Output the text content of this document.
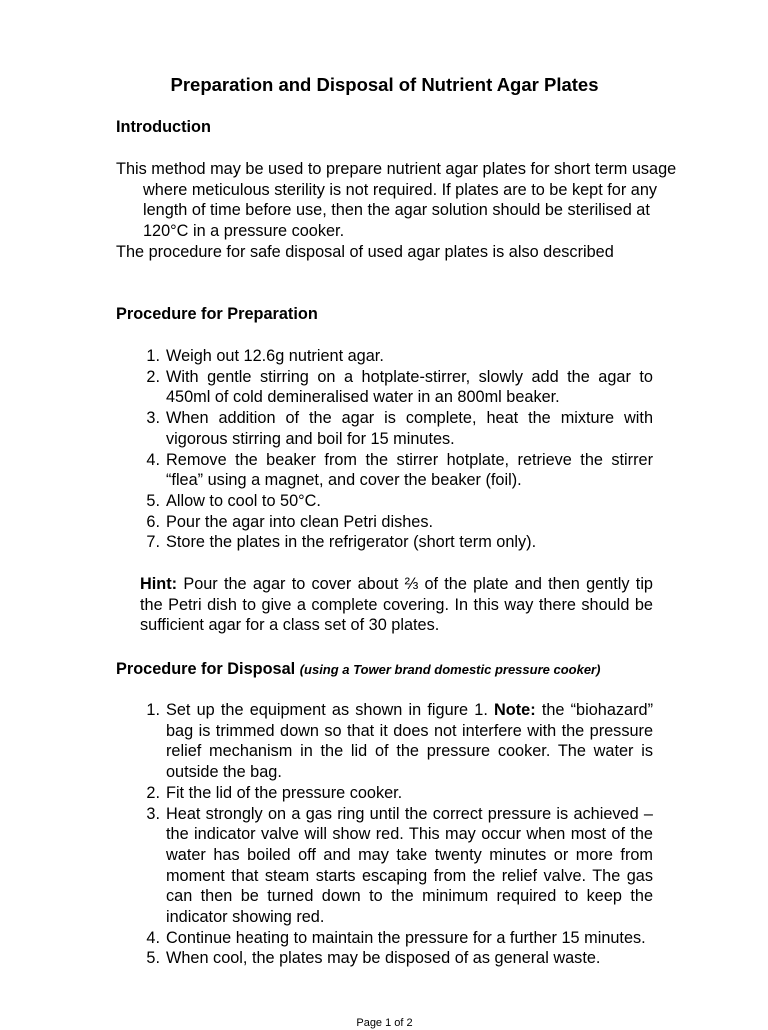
Preparation and Disposal of Nutrient Agar Plates
Introduction
This method may be used to prepare nutrient agar plates for short term usage where meticulous sterility is not required. If plates are to be kept for any length of time before use, then the agar solution should be sterilised at 120°C in a pressure cooker.
The procedure for safe disposal of used agar plates is also described
Procedure for Preparation
1. Weigh out 12.6g nutrient agar.
2. With gentle stirring on a hotplate-stirrer, slowly add the agar to 450ml of cold demineralised water in an 800ml beaker.
3. When addition of the agar is complete, heat the mixture with vigorous stirring and boil for 15 minutes.
4. Remove the beaker from the stirrer hotplate, retrieve the stirrer “flea” using a magnet, and cover the beaker (foil).
5. Allow to cool to 50°C.
6. Pour the agar into clean Petri dishes.
7. Store the plates in the refrigerator (short term only).
Hint: Pour the agar to cover about ⅔ of the plate and then gently tip the Petri dish to give a complete covering. In this way there should be sufficient agar for a class set of 30 plates.
Procedure for Disposal (using a Tower brand domestic pressure cooker)
1. Set up the equipment as shown in figure 1. Note: the “biohazard” bag is trimmed down so that it does not interfere with the pressure relief mechanism in the lid of the pressure cooker. The water is outside the bag.
2. Fit the lid of the pressure cooker.
3. Heat strongly on a gas ring until the correct pressure is achieved – the indicator valve will show red. This may occur when most of the water has boiled off and may take twenty minutes or more from moment that steam starts escaping from the relief valve. The gas can then be turned down to the minimum required to keep the indicator showing red.
4. Continue heating to maintain the pressure for a further 15 minutes.
5. When cool, the plates may be disposed of as general waste.
Page 1 of 2
